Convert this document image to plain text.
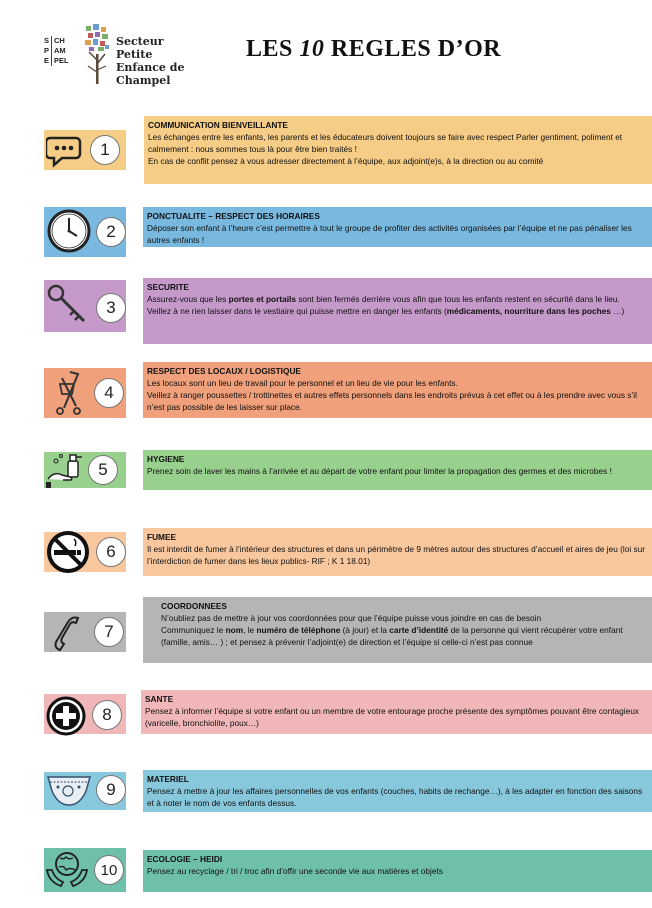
S
P
E
CH
AM
PEL
Secteur Petite
Enfance de
Champel
LES 10 REGLES D’OR
1
COMMUNICATION BIENVEILLANTE

Les échanges entre les enfants, les parents et les éducateurs doivent toujours se faire avec respect Parler gentiment, poliment et calmement : nous sommes tous là pour être bien traités !

En cas de conflit pensez à vous adresser directement à l’équipe, aux adjoint(e)s, à la direction ou au comité

2
PONCTUALITE – RESPECT DES HORAIRES

Déposer son enfant à l’heure c’est permettre à tout le groupe de profiter des activités organisées par l’équipe et ne pas pénaliser les autres enfants !

3
SECURITE

Assurez-vous que les portes et portails sont bien fermés derrière vous afin que tous les enfants restent en sécurité dans le lieu.

Veillez à ne rien laisser dans le vestiaire qui puisse mettre en danger les enfants (médicaments, nourriture dans les poches …)

4
RESPECT DES LOCAUX / LOGISTIQUE

Les locaux sont un lieu de travail pour le personnel et un lieu de vie pour les enfants.

Veillez à ranger poussettes / trottinettes et autres effets personnels dans les endroits prévus à cet effet ou à les prendre avec vous s’il n’est pas possible de les laisser sur place.

5
HYGIENE

Prenez soin de laver les mains à l’arrivée et au départ de votre enfant pour limiter la propagation des germes et des microbes !

6
FUMEE

Il est interdit de fumer à l’intérieur des structures et dans un périmètre de 9 mètres autour des structures d’accueil et aires de jeu (loi sur l’interdiction de fumer dans les lieux publics- RIF ; K 1 18.01)

7
COORDONNEES

N’oubliez pas de mettre à jour vos coordonnées pour que l’équipe puisse vous joindre en cas de besoin

Communiquez le nom, le numéro de téléphone (à jour) et la carte d’identité de la personne qui vient récupérer votre enfant (famille, amis… ) ; et pensez à prévenir l’adjoint(e) de direction et l’équipe si celle-ci n’est pas connue

8
SANTE

Pensez à informer l’équipe si votre enfant ou un membre de votre entourage proche présente des symptômes pouvant être contagieux (varicelle, bronchiolite, poux…)

9
MATERIEL

Pensez à mettre à jour les affaires personnelles de vos enfants (couches, habits de rechange…), à les adapter en fonction des saisons et à noter le nom de vos enfants dessus.

10
ECOLOGIE – HEIDI

Pensez au recyclage / tri / troc afin d’offir une seconde vie aux matières et objets
